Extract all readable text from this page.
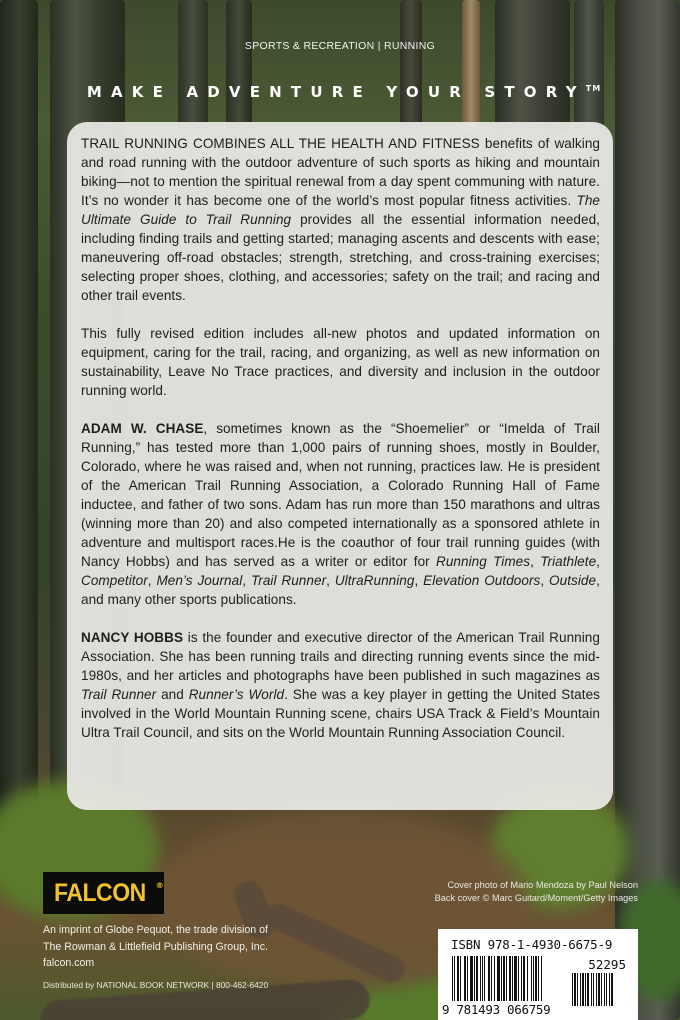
SPORTS & RECREATION | RUNNING
MAKE ADVENTURE YOUR STORY™

TRAIL RUNNING COMBINES ALL THE HEALTH AND FITNESS benefits of walking and road running with the outdoor adventure of such sports as hiking and mountain biking—not to mention the spiritual renewal from a day spent communing with nature. It’s no wonder it has become one of the world’s most popular fitness activities. The Ultimate Guide to Trail Running provides all the essential information needed, including finding trails and getting started; managing ascents and descents with ease; maneuvering off-road obstacles; strength, stretching, and cross-training exercises; selecting proper shoes, clothing, and accessories; safety on the trail; and racing and other trail events.

This fully revised edition includes all-new photos and updated information on equipment, caring for the trail, racing, and organizing, as well as new information on sustainability, Leave No Trace practices, and diversity and inclusion in the outdoor running world.

ADAM W. CHASE, sometimes known as the “Shoemelier” or “Imelda of Trail Running,” has tested more than 1,000 pairs of running shoes, mostly in Boulder, Colorado, where he was raised and, when not running, practices law. He is president of the American Trail Running Association, a Colorado Running Hall of Fame inductee, and father of two sons. Adam has run more than 150 marathons and ultras (winning more than 20) and also competed internationally as a sponsored athlete in adventure and multisport races.He is the coauthor of four trail running guides (with Nancy Hobbs) and has served as a writer or editor for Running Times, Triathlete, Competitor, Men’s Journal, Trail Runner, UltraRunning, Elevation Outdoors, Outside, and many other sports publications.

NANCY HOBBS is the founder and executive director of the American Trail Running Association. She has been running trails and directing running events since the mid-1980s, and her articles and photographs have been published in such magazines as Trail Runner and Runner’s World. She was a key player in getting the United States involved in the World Mountain Running scene, chairs USA Track & Field’s Mountain Ultra Trail Council, and sits on the World Mountain Running Association Council.

FALCON ®
An imprint of Globe Pequot, the trade division of
The Rowman & Littlefield Publishing Group, Inc.
falcon.com
Distributed by NATIONAL BOOK NETWORK | 800-462-6420
Cover photo of Mario Mendoza by Paul Nelson
Back cover © Marc Guitard/Moment/Getty Images
ISBN 978-1-4930-6675-9
52295
9 781493 066759
